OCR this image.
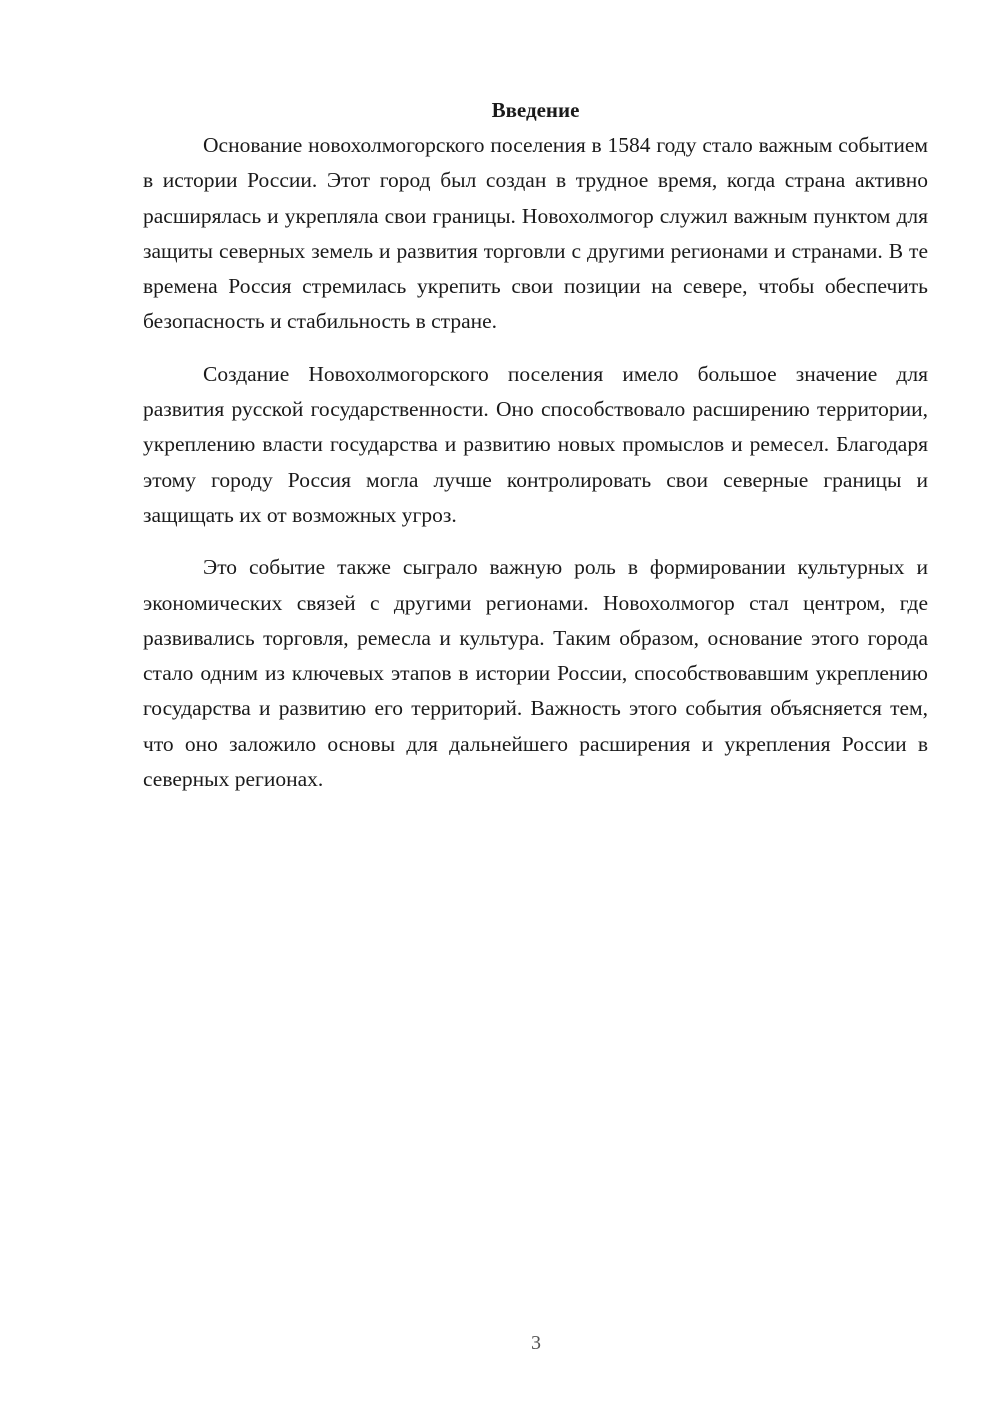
Введение

Основание новохолмогорского поселения в 1584 году стало важным событием в истории России. Этот город был создан в трудное время, когда страна активно расширялась и укрепляла свои границы. Новохолмогор служил важным пунктом для защиты северных земель и развития торговли с другими регионами и странами. В те времена Россия стремилась укрепить свои позиции на севере, чтобы обеспечить безопасность и стабильность в стране.

Создание Новохолмогорского поселения имело большое значение для развития русской государственности. Оно способствовало расширению территории, укреплению власти государства и развитию новых промыслов и ремесел. Благодаря этому городу Россия могла лучше контролировать свои северные границы и защищать их от возможных угроз.

Это событие также сыграло важную роль в формировании культурных и экономических связей с другими регионами. Новохолмогор стал центром, где развивались торговля, ремесла и культура. Таким образом, основание этого города стало одним из ключевых этапов в истории России, способствовавшим укреплению государства и развитию его территорий. Важность этого события объясняется тем, что оно заложило основы для дальнейшего расширения и укрепления России в северных регионах.

3
